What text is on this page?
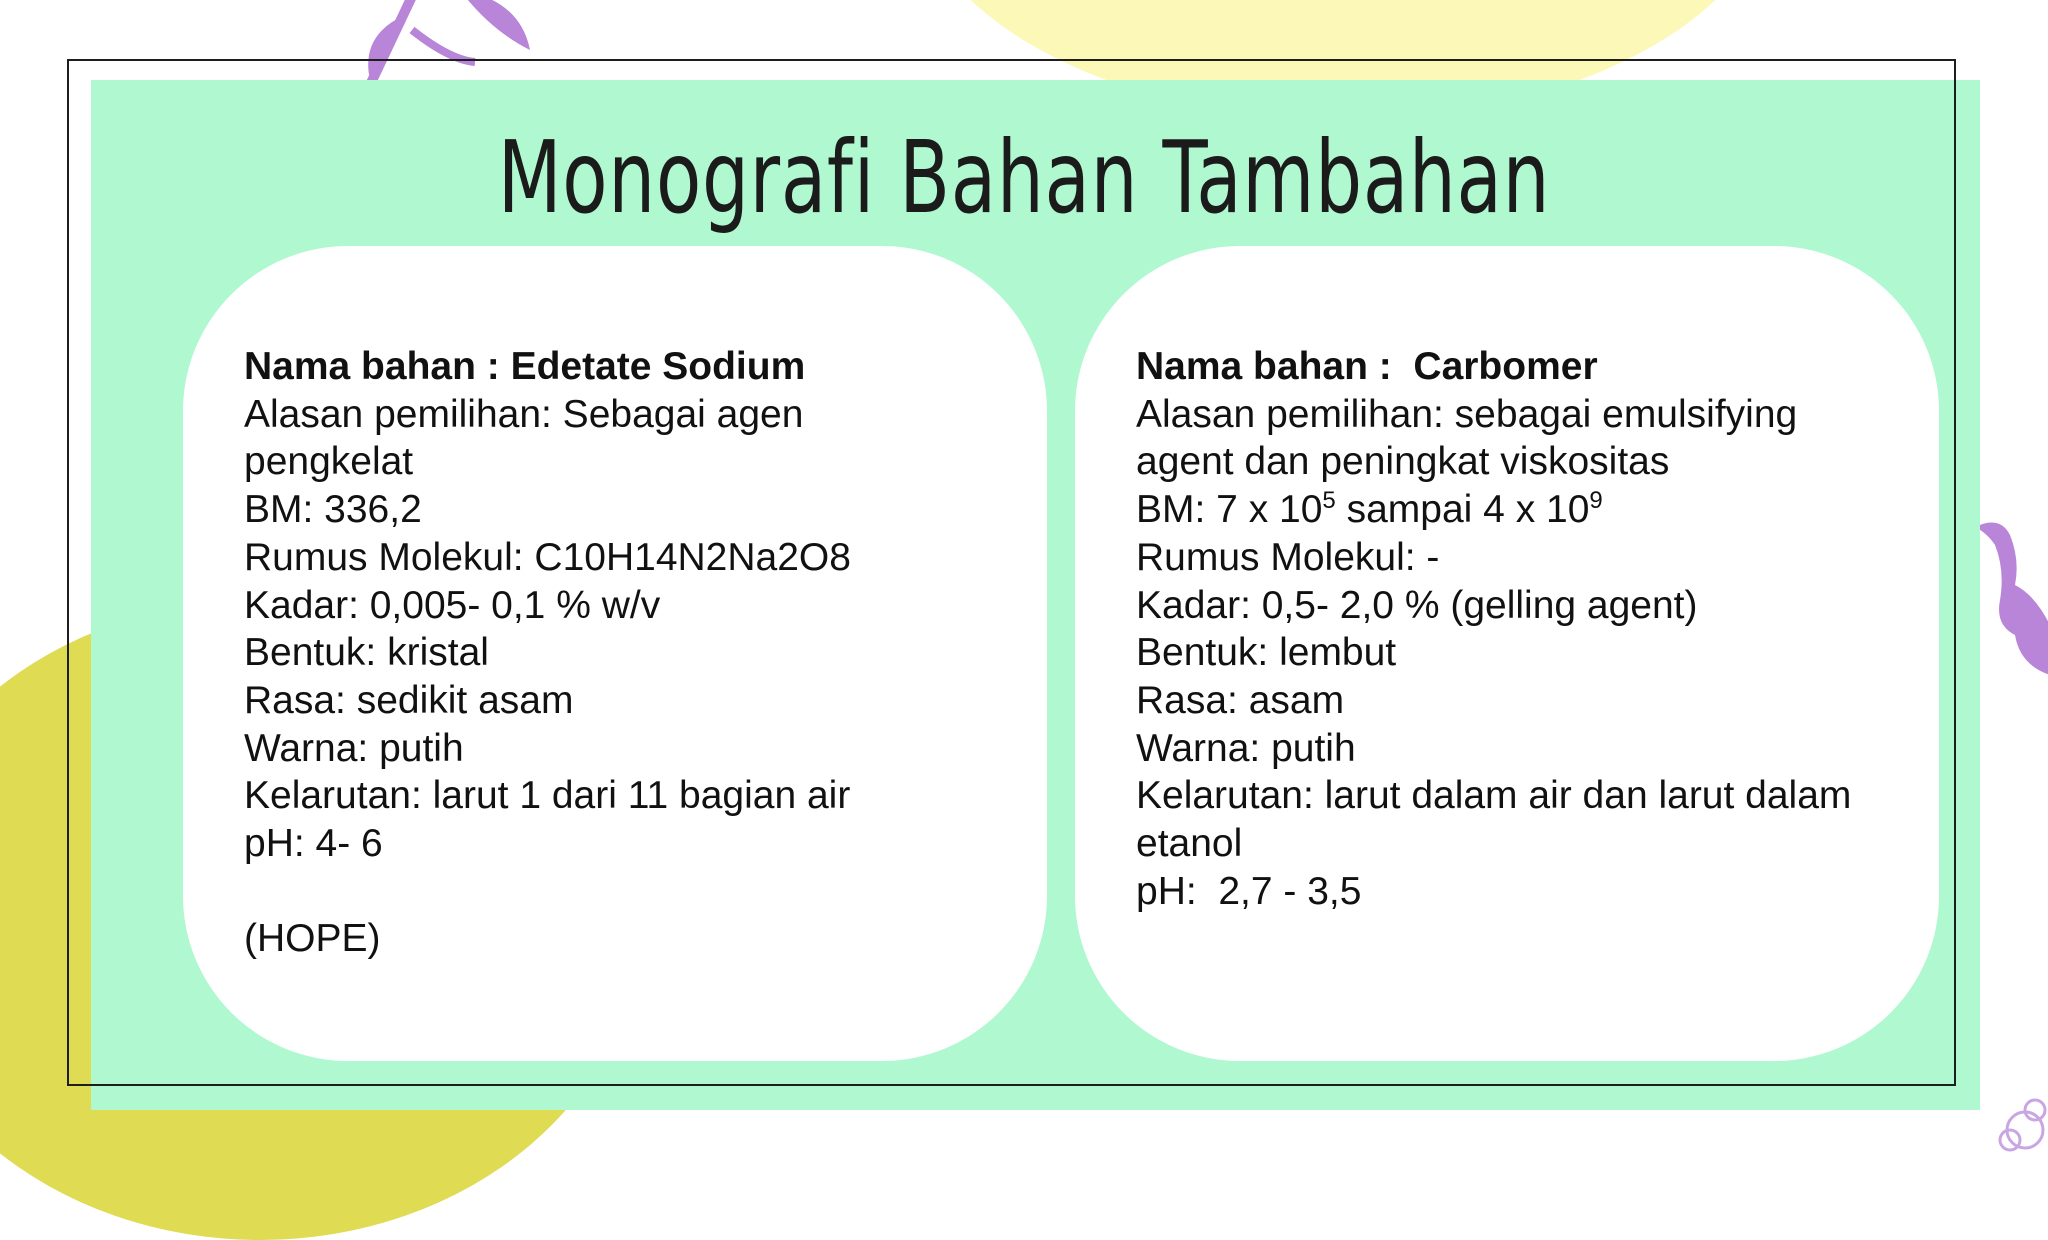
Monografi Bahan Tambahan
Nama bahan : Edetate Sodium
Alasan pemilihan: Sebagai agen
pengkelat
BM: 336,2
Rumus Molekul: C10H14N2Na2O8
Kadar: 0,005- 0,1 % w/v
Bentuk: kristal
Rasa: sedikit asam
Warna: putih
Kelarutan: larut 1 dari 11 bagian air
pH: 4- 6
(HOPE)
Nama bahan :  Carbomer
Alasan pemilihan: sebagai emulsifying
agent dan peningkat viskositas
BM: 7 x $10^5$ sampai 4 x $10^9$
Rumus Molekul: -
Kadar: 0,5- 2,0 % (gelling agent)
Bentuk: lembut
Rasa: asam
Warna: putih
Kelarutan: larut dalam air dan larut dalam
etanol
pH:  2,7 - 3,5
